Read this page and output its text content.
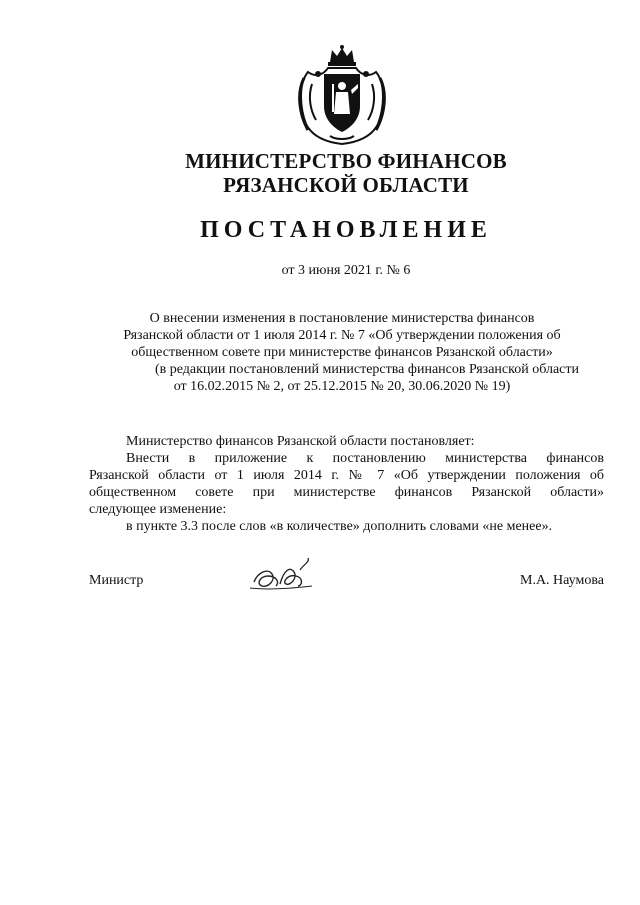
МИНИСТЕРСТВО ФИНАНСОВ
РЯЗАНСКОЙ ОБЛАСТИ
ПОСТАНОВЛЕНИЕ
от 3 июня 2021 г. № 6
О внесении изменения в постановление министерства финансов
Рязанской области от 1 июля 2014 г. № 7 «Об утверждении положения об
общественном совете при министерстве финансов Рязанской области»
(в редакции постановлений министерства финансов Рязанской области
от 16.02.2015 № 2, от 25.12.2015 № 20, 30.06.2020 № 19)
Министерство финансов Рязанской области постановляет:
Внести в приложение к постановлению министерства финансов
Рязанской области от 1 июля 2014 г. № 7 «Об утверждении положения об
общественном совете при министерстве финансов Рязанской области»
следующее изменение:
в пункте 3.3 после слов «в количестве» дополнить словами «не менее».
Министр	М.А. Наумова
